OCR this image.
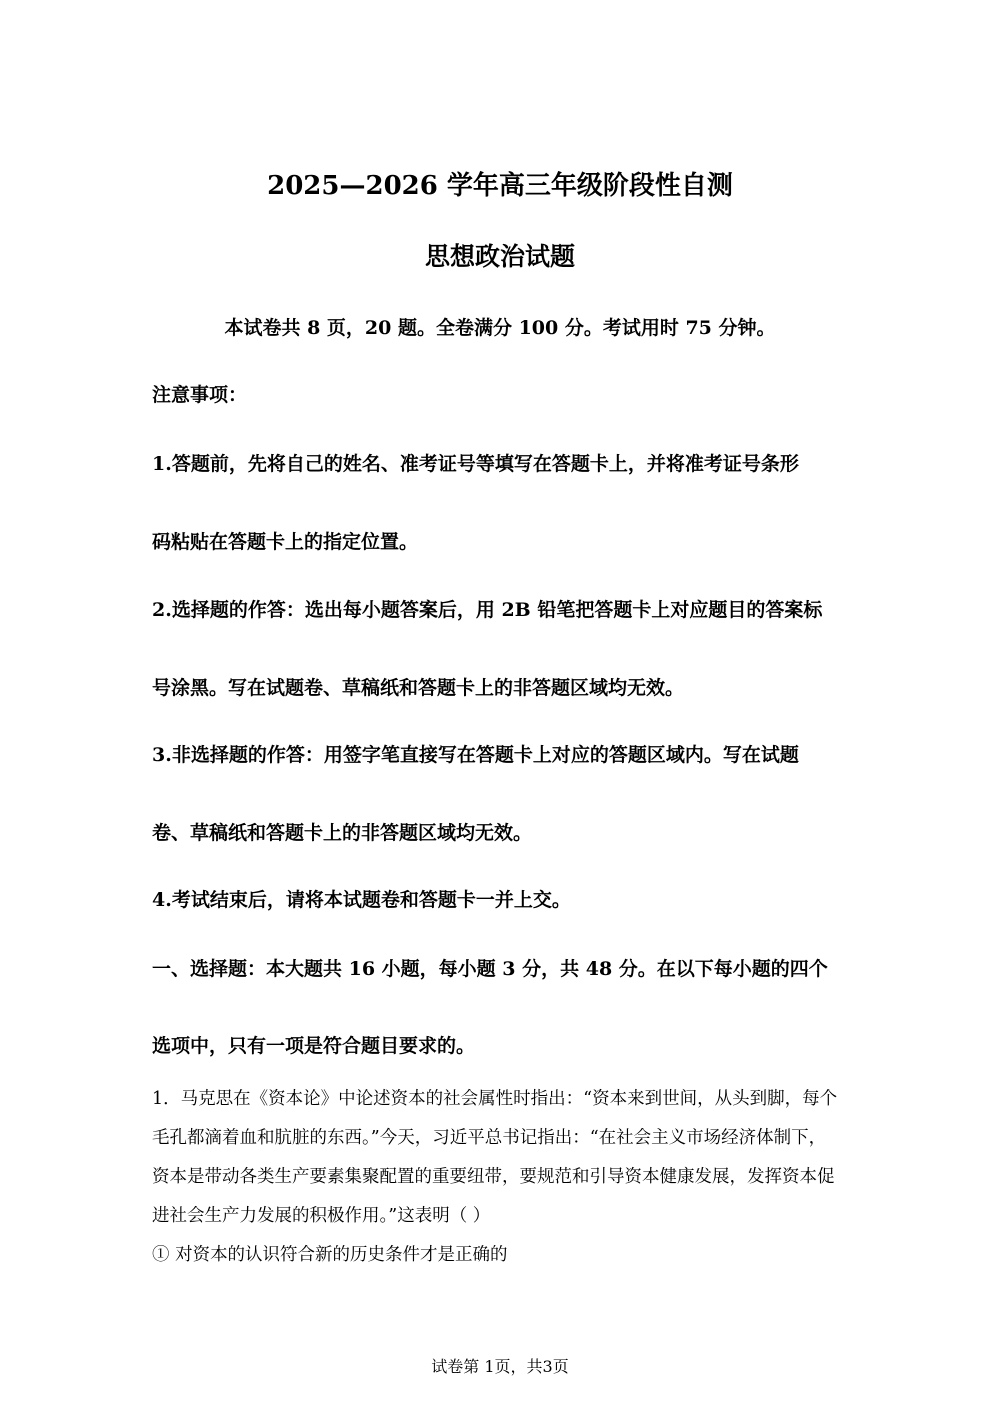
2025—2026 学年高三年级阶段性自测
思想政治试题
本试卷共 8 页，20 题。全卷满分 100 分。考试用时 75 分钟。
注意事项：
1.答题前，先将自己的姓名、准考证号等填写在答题卡上，并将准考证号条形
码粘贴在答题卡上的指定位置。
2.选择题的作答：选出每小题答案后，用 2B 铅笔把答题卡上对应题目的答案标
号涂黑。写在试题卷、草稿纸和答题卡上的非答题区域均无效。
3.非选择题的作答：用签字笔直接写在答题卡上对应的答题区域内。写在试题
卷、草稿纸和答题卡上的非答题区域均无效。
4.考试结束后，请将本试题卷和答题卡一并上交。
一、选择题：本大题共 16 小题，每小题 3 分，共 48 分。在以下每小题的四个
选项中，只有一项是符合题目要求的。
1．马克思在《资本论》中论述资本的社会属性时指出：“资本来到世间，从头到脚，每个
毛孔都滴着血和肮脏的东西。”今天，习近平总书记指出：“在社会主义市场经济体制下，
资本是带动各类生产要素集聚配置的重要纽带，要规范和引导资本健康发展，发挥资本促
进社会生产力发展的积极作用。”这表明（ ）
① 对资本的认识符合新的历史条件才是正确的
试卷第 1页，共3页
